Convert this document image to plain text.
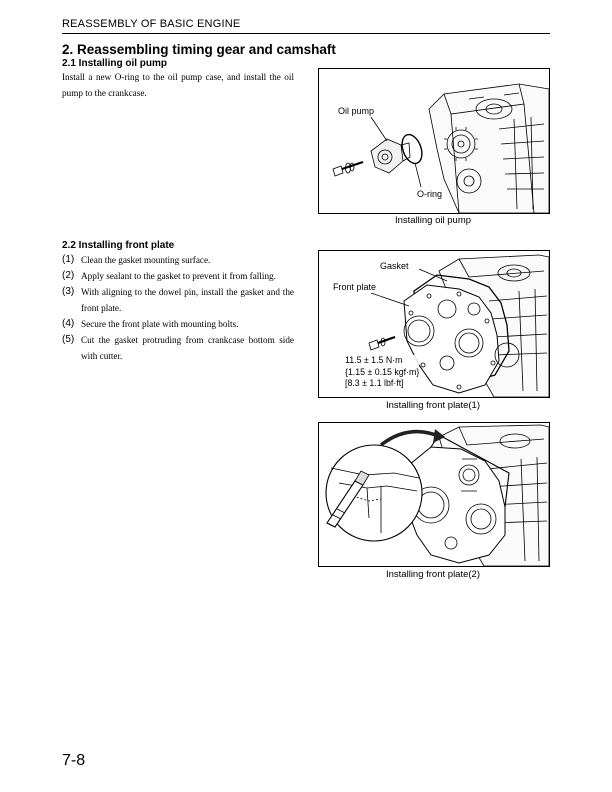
REASSEMBLY OF BASIC ENGINE
2. Reassembling timing gear and camshaft
2.1 Installing oil pump
Install a new O-ring to the oil pump case, and install the oil pump to the crankcase.
Oil pump
O-ring
Installing oil pump
2.2 Installing front plate
(1) Clean the gasket mounting surface.
(2) Apply sealant to the gasket to prevent it from falling.
(3) With aligning to the dowel pin, install the gasket and the front plate.
(4) Secure the front plate with mounting bolts.
(5) Cut the gasket protruding from crankcase bottom side with cutter.
Gasket
Front plate
11.5 ± 1.5 N·m
{1.15 ± 0.15 kgf·m}
[8.3 ± 1.1 lbf·ft]
Installing front plate(1)
Installing front plate(2)
7-8
